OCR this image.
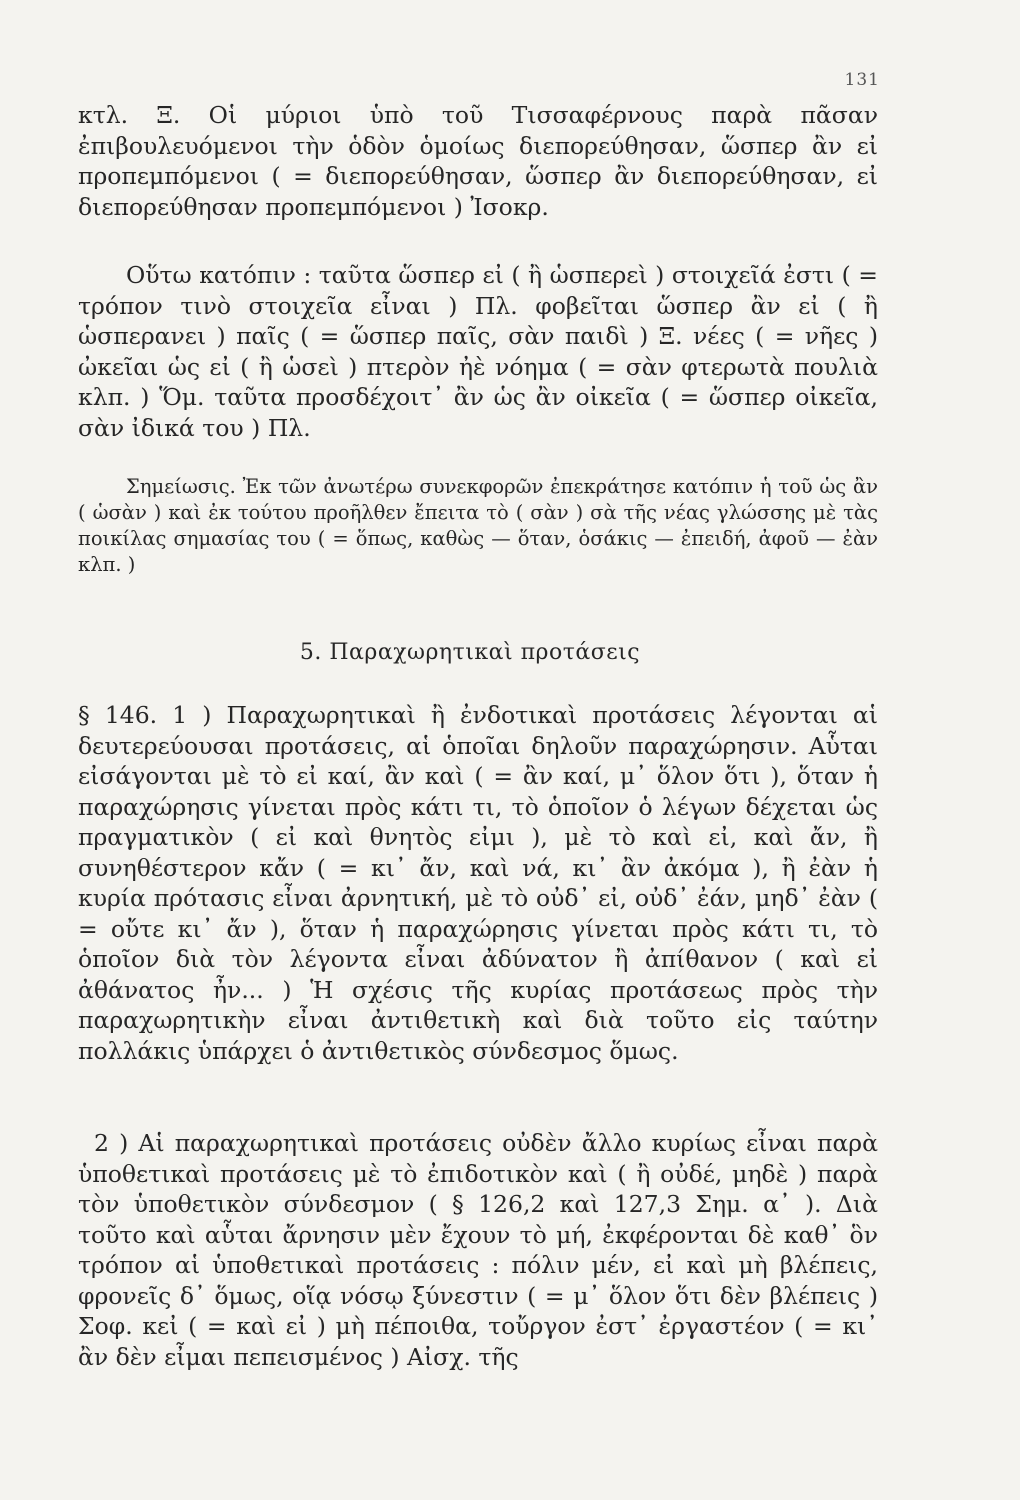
131

κτλ. Ξ. Οἱ μύριοι ὑπὸ τοῦ Τισσαφέρνους παρὰ πᾶσαν ἐπιβουλευόμενοι τὴν ὁδὸν ὁμοίως διεπορεύθησαν, ὥσπερ ἂν εἰ προπεμπόμενοι ( = διεπορεύθησαν, ὥσπερ ἂν διεπορεύθησαν, εἰ διεπορεύθησαν προπεμπόμενοι ) Ἰσοκρ.

Οὕτω κατόπιν : ταῦτα ὥσπερ εἰ ( ἢ ὡσπερεὶ ) στοιχεῖά ἐστι ( = τρόπον τινὸ στοιχεῖα εἶναι ) Πλ. φοβεῖται ὥσπερ ἂν εἰ ( ἢ ὡσπερανει ) παῖς ( = ὥσπερ παῖς, σὰν παιδὶ ) Ξ. νέες ( = νῆες ) ὠκεῖαι ὡς εἰ ( ἢ ὡσεὶ ) πτερὸν ἠὲ νόημα ( = σὰν φτερωτὰ πουλιὰ κλπ. ) Ὅμ. ταῦτα προσδέχοιτ᾽ ἂν ὡς ἂν οἰκεῖα ( = ὥσπερ οἰκεῖα, σὰν ἰδικά του ) Πλ.

Σημείωσις. Ἐκ τῶν ἀνωτέρω συνεκφορῶν ἐπεκράτησε κατόπιν ἡ τοῦ ὡς ἂν ( ὡσὰν ) καὶ ἐκ τούτου προῆλθεν ἔπειτα τὸ ( σὰν ) σὰ τῆς νέας γλώσσης μὲ τὰς ποικίλας σημασίας του ( = ὅπως, καθὼς — ὅταν, ὁσάκις — ἐπειδή, ἀφοῦ — ἐὰν κλπ. )

5. Παραχωρητικαὶ προτάσεις

§ 146. 1 ) Παραχωρητικαὶ ἢ ἐνδοτικαὶ προτάσεις λέγονται αἱ δευτερεύουσαι προτάσεις, αἱ ὁποῖαι δηλοῦν παραχώρησιν. Αὗται εἰσάγονται μὲ τὸ εἰ καί, ἂν καὶ ( = ἂν καί, μ᾽ ὅλον ὅτι ), ὅταν ἡ παραχώρησις γίνεται πρὸς κάτι τι, τὸ ὁποῖον ὁ λέγων δέχεται ὡς πραγματικὸν ( εἰ καὶ θνητὸς εἰμι ), μὲ τὸ καὶ εἰ, καὶ ἄν, ἢ συνηθέστερον κἄν ( = κι᾽ ἄν, καὶ νά, κι᾽ ἂν ἀκόμα ), ἢ ἐὰν ἡ κυρία πρότασις εἶναι ἀρνητική, μὲ τὸ οὐδ᾽ εἰ, οὐδ᾽ ἐάν, μηδ᾽ ἐὰν ( = οὔτε κι᾽ ἄν ), ὅταν ἡ παραχώρησις γίνεται πρὸς κάτι τι, τὸ ὁποῖον διὰ τὸν λέγοντα εἶναι ἀδύνατον ἢ ἀπίθανον ( καὶ εἰ ἀθάνατος ἦν... ) Ἡ σχέσις τῆς κυρίας προτάσεως πρὸς τὴν παραχωρητικὴν εἶναι ἀντιθετικὴ καὶ διὰ τοῦτο εἰς ταύτην πολλάκις ὑπάρχει ὁ ἀντιθετικὸς σύνδεσμος ὅμως.

2 ) Αἱ παραχωρητικαὶ προτάσεις οὐδὲν ἄλλο κυρίως εἶναι παρὰ ὑποθετικαὶ προτάσεις μὲ τὸ ἐπιδοτικὸν καὶ ( ἢ οὐδέ, μηδὲ ) παρὰ τὸν ὑποθετικὸν σύνδεσμον ( § 126,2 καὶ 127,3 Σημ. α᾽ ). Διὰ τοῦτο καὶ αὗται ἄρνησιν μὲν ἔχουν τὸ μή, ἐκφέρονται δὲ καθ᾽ ὃν τρόπον αἱ ὑποθετικαὶ προτάσεις : πόλιν μέν, εἰ καὶ μὴ βλέπεις, φρονεῖς δ᾽ ὅμως, οἵᾳ νόσῳ ξύνεστιν ( = μ᾽ ὅλον ὅτι δὲν βλέπεις ) Σοφ. κεἰ ( = καὶ εἰ ) μὴ πέποιθα, τοὔργον ἐστ᾽ ἐργαστέον ( = κι᾽ ἂν δὲν εἶμαι πεπεισμένος ) Αἰσχ. τῆς
